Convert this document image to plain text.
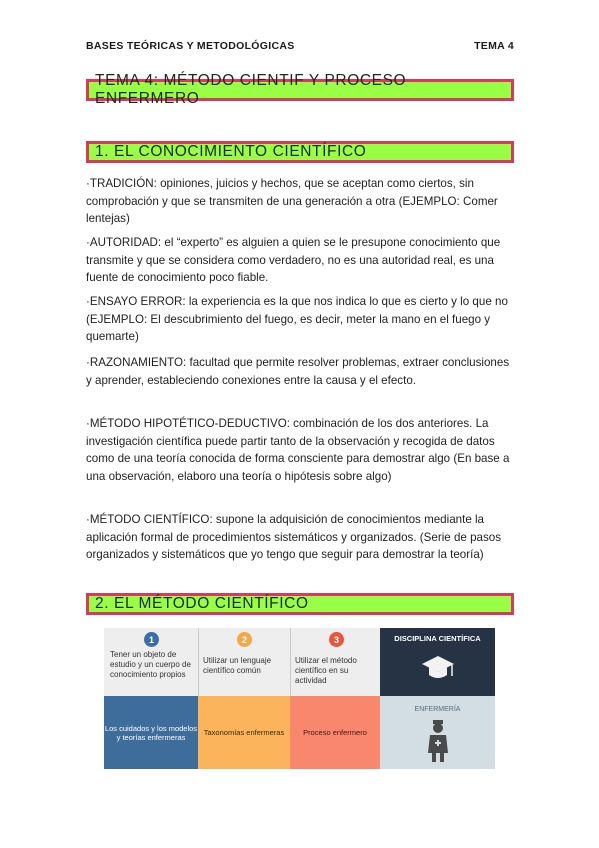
BASES TEÓRICAS Y METODOLÓGICAS	TEMA 4
TEMA 4: MÉTODO CIENTIF Y PROCESO ENFERMERO
1. EL CONOCIMIENTO CIENTÍFICO
·TRADICIÓN: opiniones, juicios y hechos, que se aceptan como ciertos, sin comprobación y que se transmiten de una generación a otra (EJEMPLO: Comer lentejas)
·AUTORIDAD: el “experto” es alguien a quien se le presupone conocimiento que transmite y que se considera como verdadero, no es una autoridad real, es una fuente de conocimiento poco fiable.
·ENSAYO ERROR: la experiencia es la que nos indica lo que es cierto y lo que no (EJEMPLO: El descubrimiento del fuego, es decir, meter la mano en el fuego y quemarte)
·RAZONAMIENTO: facultad que permite resolver problemas, extraer conclusiones y aprender, estableciendo conexiones entre la causa y el efecto.
·MÉTODO HIPOTÉTICO-DEDUCTIVO: combinación de los dos anteriores. La investigación científica puede partir tanto de la observación y recogida de datos como de una teoría conocida de forma consciente para demostrar algo (En base a una observación, elaboro una teoría o hipótesis sobre algo)
·MÉTODO CIENTÍFICO: supone la adquisición de conocimientos mediante la aplicación formal de procedimientos sistemáticos y organizados. (Serie de pasos organizados y sistemáticos que yo tengo que seguir para demostrar la teoría)
2. EL MÉTODO CIENTÍFICO
1
Tener un objeto de estudio y un cuerpo de conocimiento propios
2
Utilizar un lenguaje científico común
3
Utilizar el método científico en su actividad
Los cuidados y los modelos y teorías enfermeras	Taxonomías enfermeras	Proceso enfermero
DISCIPLINA CIENTÍFICA
ENFERMERÍA
